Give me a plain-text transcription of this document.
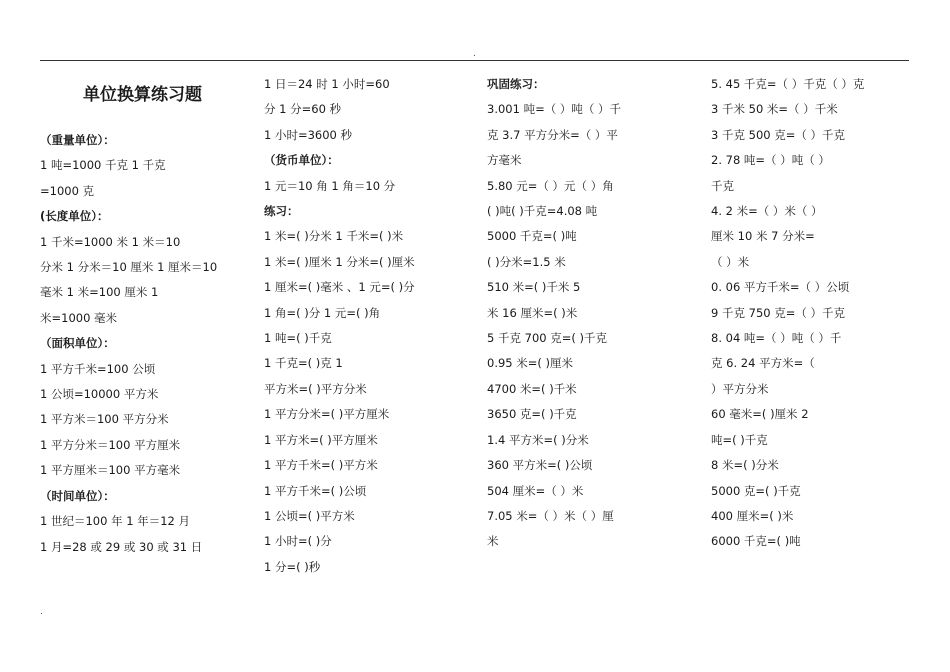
.
单位换算练习题
（重量单位）：
1 吨=1000 千克 1 千克
=1000 克
(长度单位）：
1 千米=1000 米 1 米＝10
分米 1 分米＝10 厘米 1 厘米＝10
毫米 1 米=100 厘米 1
米=1000 毫米
（面积单位）：
1 平方千米=100 公顷
1 公顷=10000 平方米
1 平方米＝100 平方分米
1 平方分米＝100 平方厘米
1 平方厘米＝100 平方毫米
（时间单位）：
1 世纪＝100 年 1 年＝12 月
1 月=28 或 29 或 30 或 31 日
1 日＝24 时 1 小时=60
分 1 分=60 秒
1 小时=3600 秒
（货币单位）：
1 元＝10 角 1 角＝10 分
练习：
1 米=( )分米 1 千米=( )米
1 米=( )厘米 1 分米=( )厘米
1 厘米=( )毫米 、1 元=( )分
1 角=( )分 1 元=( )角
1 吨=( )千克
1 千克=( )克 1
平方米=( )平方分米
1 平方分米=( )平方厘米
1 平方米=( )平方厘米
1 平方千米=( )平方米
1 平方千米=( )公顷
1 公顷=( )平方米
1 小时=( )分
1 分=( )秒
巩固练习：
3.001 吨=（ ）吨（ ）千
克 3.7 平方分米=（ ）平
方毫米
5.80 元=（ ）元（ ）角
( )吨( )千克=4.08 吨
5000 千克=( )吨
( )分米=1.5 米
510 米=( )千米 5
米 16 厘米=( )米
5 千克 700 克=( )千克
0.95 米=( )厘米
4700 米=( )千米
3650 克=( )千克
1.4 平方米=( )分米
360 平方米=( )公顷
504 厘米=（ ）米
7.05 米=（ ）米（ ）厘
米
5. 45 千克=（ ）千克（ ）克
3 千米 50 米=（ ）千米
3 千克 500 克=（ ）千克
2. 78 吨=（ ）吨（ ）
千克
4. 2 米=（ ）米（ ）
厘米 10 米 7 分米=
（ ）米
0. 06 平方千米=（ ）公顷
9 千克 750 克=（ ）千克
8. 04 吨=（ ）吨（ ）千
克 6. 24 平方米=（
）平方分米
60 毫米=( )厘米 2
吨=( )千克
8 米=( )分米
5000 克=( )千克
400 厘米=( )米
6000 千克=( )吨
.
